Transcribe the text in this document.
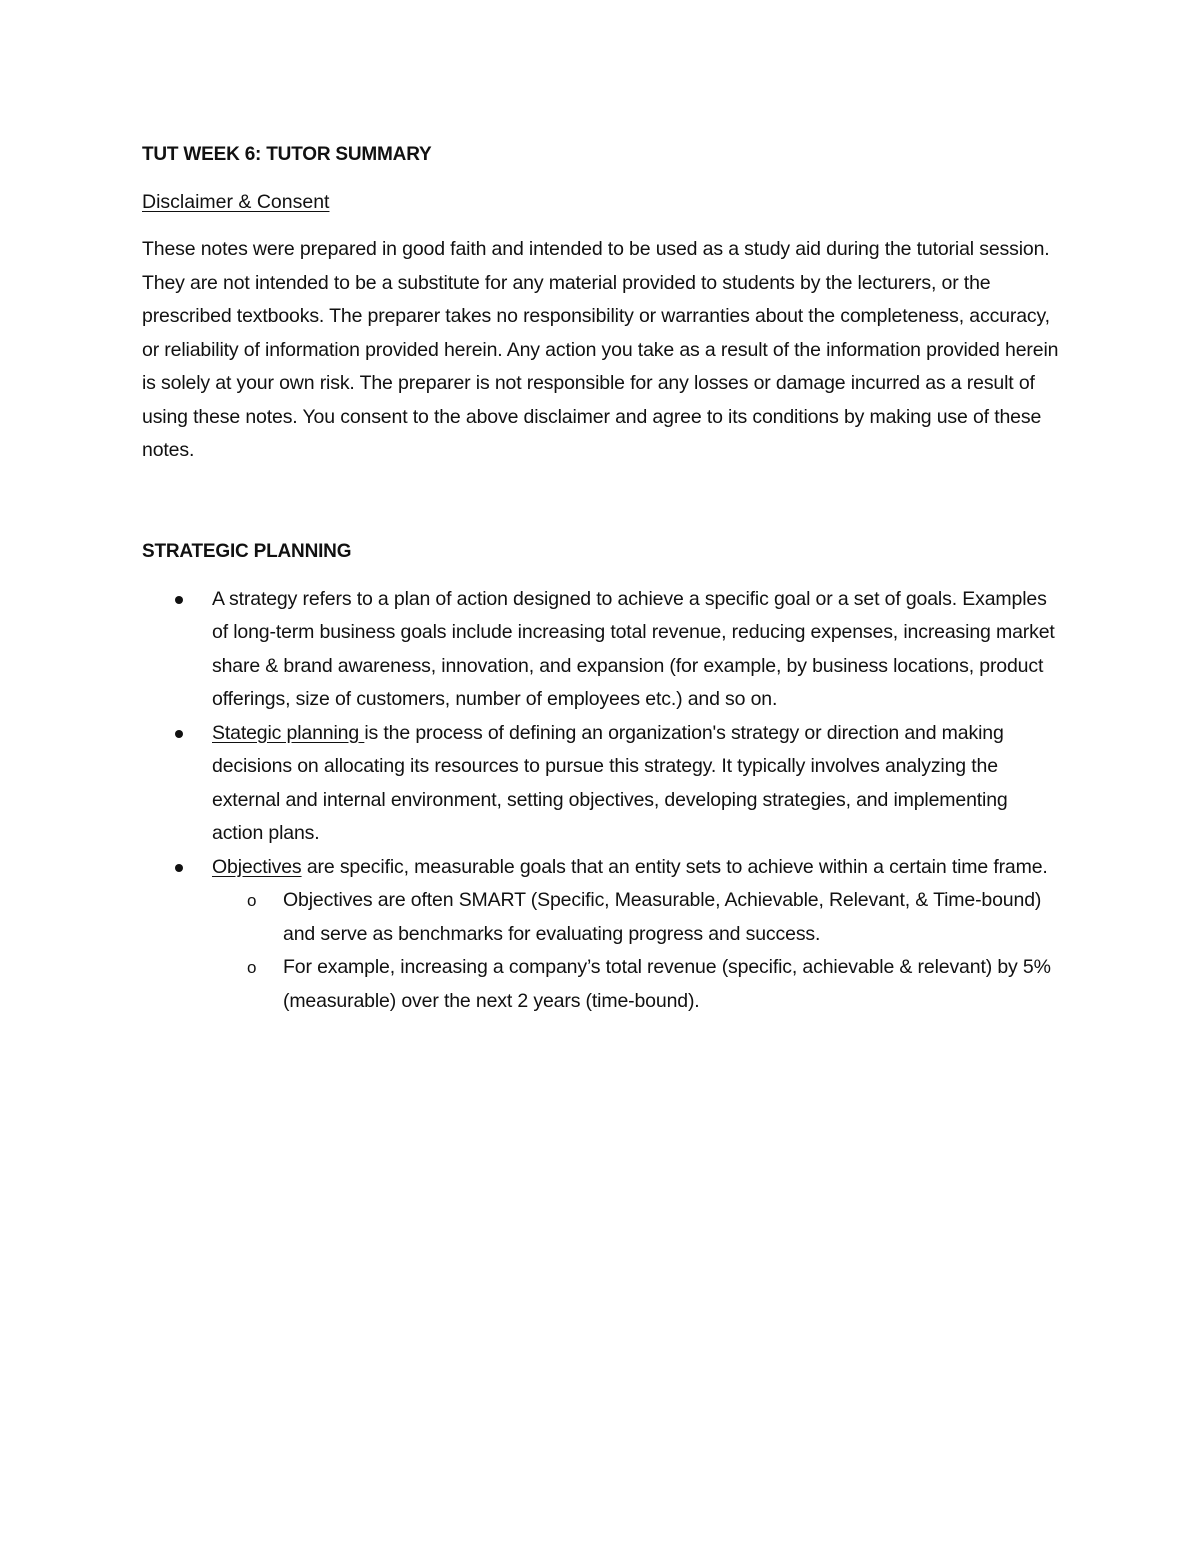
TUT WEEK 6: TUTOR SUMMARY
Disclaimer & Consent

These notes were prepared in good faith and intended to be used as a study aid during the tutorial session. They are not intended to be a substitute for any material provided to students by the lecturers, or the prescribed textbooks. The preparer takes no responsibility or warranties about the completeness, accuracy, or reliability of information provided herein. Any action you take as a result of the information provided herein is solely at your own risk. The preparer is not responsible for any losses or damage incurred as a result of using these notes. You consent to the above disclaimer and agree to its conditions by making use of these notes.

STRATEGIC PLANNING
A strategy refers to a plan of action designed to achieve a specific goal or a set of goals. Examples of long-term business goals include increasing total revenue, reducing expenses, increasing market share & brand awareness, innovation, and expansion (for example, by business locations, product offerings, size of customers, number of employees etc.) and so on.
Stategic planning is the process of defining an organization's strategy or direction and making decisions on allocating its resources to pursue this strategy. It typically involves analyzing the external and internal environment, setting objectives, developing strategies, and implementing action plans.
Objectives are specific, measurable goals that an entity sets to achieve within a certain time frame.
o Objectives are often SMART (Specific, Measurable, Achievable, Relevant, & Time-bound) and serve as benchmarks for evaluating progress and success.
o For example, increasing a company’s total revenue (specific, achievable & relevant) by 5% (measurable) over the next 2 years (time-bound).
